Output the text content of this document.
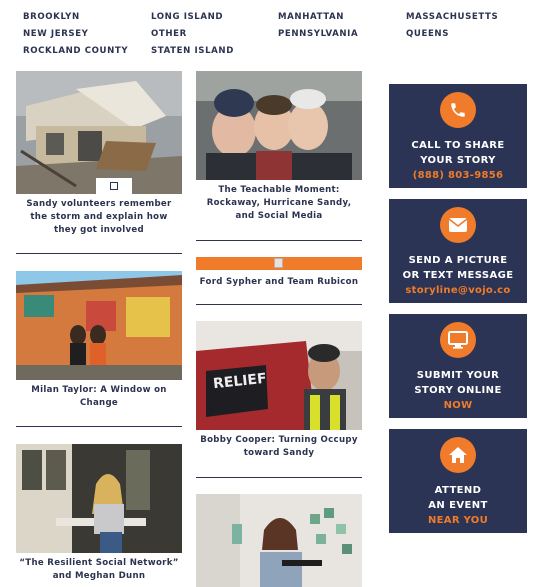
BROOKLYN	LONG ISLAND	MANHATTAN	MASSACHUSETTS
NEW JERSEY	OTHER	PENNSYLVANIA	QUEENS
ROCKLAND COUNTY	STATEN ISLAND
Sandy volunteers remember the storm and explain how they got involved
The Teachable Moment: Rockaway, Hurricane Sandy, and Social Media
Ford Sypher and Team Rubicon
Milan Taylor: A Window on Change
RELIEF
Bobby Cooper: Turning Occupy toward Sandy
“The Resilient Social Network” and Meghan Dunn
CALL TO SHARE
YOUR STORY
(888) 803-9856
SEND A PICTURE
OR TEXT MESSAGE
storyline@vojo.co
SUBMIT YOUR
STORY ONLINE
NOW
ATTEND
AN EVENT
NEAR YOU
